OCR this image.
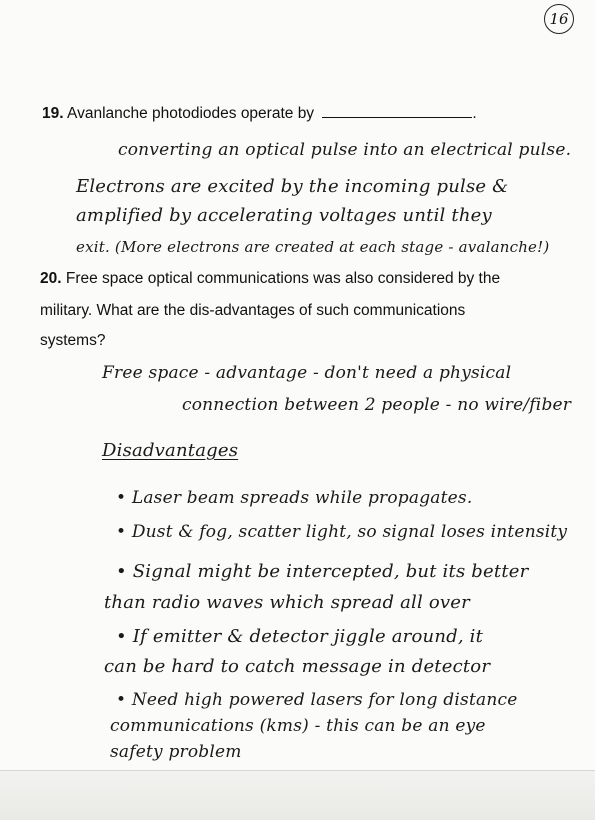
16
19. Avanlanche photodiodes operate by	.
converting an optical pulse into an electrical pulse.
Electrons are excited by the incoming pulse &
amplified by accelerating voltages until they
exit. (More electrons are created at each stage - avalanche!)
20. Free space optical communications was also considered by the
military. What are the dis-advantages of such communications
systems?
Free space - advantage - don't need a physical
connection between 2 people - no wire/fiber
Disadvantages
• Laser beam spreads while propagates.
• Dust & fog, scatter light, so signal loses intensity
• Signal might be intercepted, but its better
than radio waves which spread all over
• If emitter & detector jiggle around, it
can be hard to catch message in detector
• Need high powered lasers for long distance
communications (kms) - this can be an eye
safety problem
